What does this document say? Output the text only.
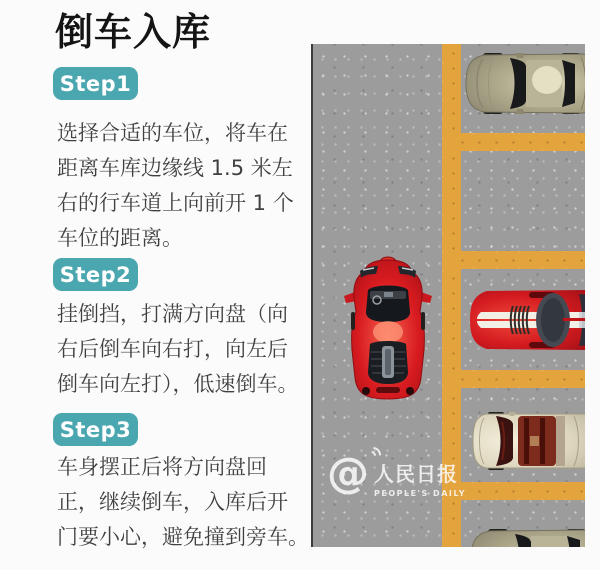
倒车入库
Step1
选择合适的车位，将车在
距离车库边缘线 1.5 米左
右的行车道上向前开 1 个
车位的距离。
Step2
挂倒挡，打满方向盘（向
右后倒车向右打，向左后
倒车向左打），低速倒车。
Step3
车身摆正后将方向盘回
正，继续倒车，入库后开
门要小心，避免撞到旁车。
@ 人民日报
PEOPLE'S DAILY
